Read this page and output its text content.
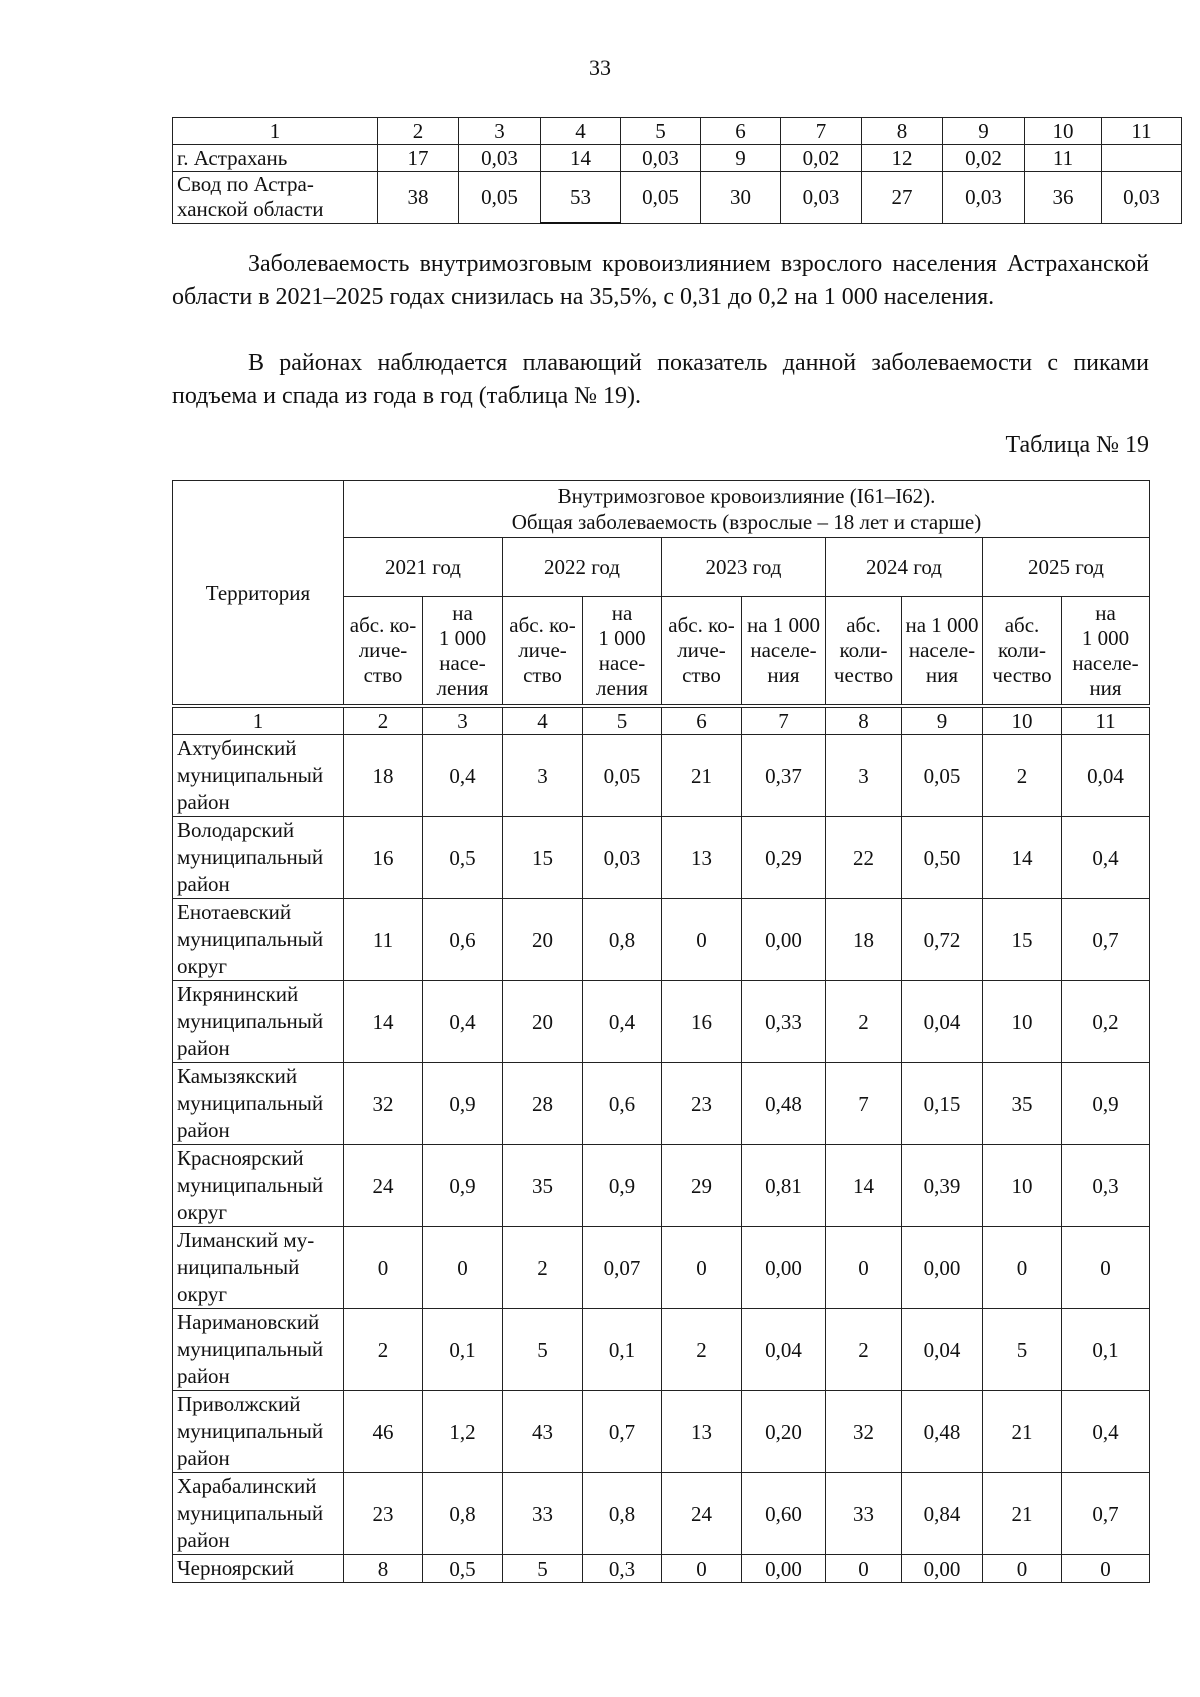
33
1	2	3	4	5	6	7	8	9	10	11
г. Астрахань	17	0,03	14	0,03	9	0,02	12	0,02	11	
Свод по Астра-
ханской области	38	0,05	53	0,05	30	0,03	27	0,03	36	0,03

Заболеваемость внутримозговым кровоизлиянием взрослого населения Астраханской области в 2021–2025 годах снизилась на 35,5%, с 0,31 до 0,2 на 1 000 населения.

В районах наблюдается плавающий показатель данной заболеваемости с пиками подъема и спада из года в год (таблица № 19).

Таблица № 19
Территория	Внутримозговое кровоизлияние (I61–I62).
Общая заболеваемость (взрослые – 18 лет и старше)									
	2021 год		2022 год		2023 год		2024 год		2025 год	
	абс. ко-
личе-
ство	на
1 000
насе-
ления	абс. ко-
личе-
ство	на
1 000
насе-
ления	абс. ко-
личе-
ство	на 1 000
населе-
ния	абс.
коли-
чество	на 1 000
населе-
ния	абс.
коли-
чество	на
1 000
населе-
ния
1	2	3	4	5	6	7	8	9	10	11
Ахтубинский
муниципальный
район	18	0,4	3	0,05	21	0,37	3	0,05	2	0,04
Володарский
муниципальный
район	16	0,5	15	0,03	13	0,29	22	0,50	14	0,4
Енотаевский
муниципальный
округ	11	0,6	20	0,8	0	0,00	18	0,72	15	0,7
Икрянинский
муниципальный
район	14	0,4	20	0,4	16	0,33	2	0,04	10	0,2
Камызякский
муниципальный
район	32	0,9	28	0,6	23	0,48	7	0,15	35	0,9
Красноярский
муниципальный
округ	24	0,9	35	0,9	29	0,81	14	0,39	10	0,3
Лиманский му-
ниципальный
округ	0	0	2	0,07	0	0,00	0	0,00	0	0
Наримановский
муниципальный
район	2	0,1	5	0,1	2	0,04	2	0,04	5	0,1
Приволжский
муниципальный
район	46	1,2	43	0,7	13	0,20	32	0,48	21	0,4
Харабалинский
муниципальный
район	23	0,8	33	0,8	24	0,60	33	0,84	21	0,7
Черноярский	8	0,5	5	0,3	0	0,00	0	0,00	0	0
